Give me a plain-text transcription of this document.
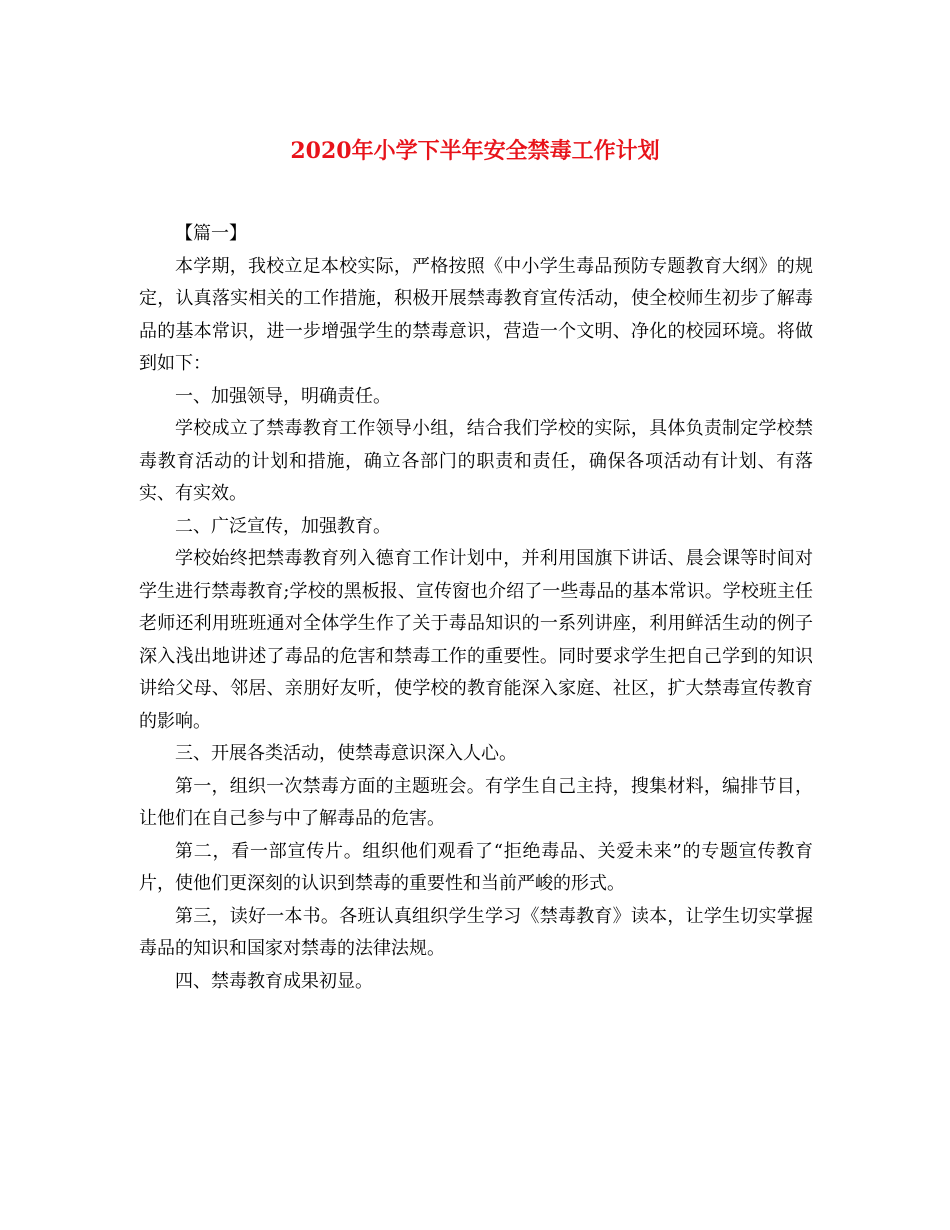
2020年小学下半年安全禁毒工作计划

【篇一】

本学期，我校立足本校实际，严格按照《中小学生毒品预防专题教育大纲》的规定，认真落实相关的工作措施，积极开展禁毒教育宣传活动，使全校师生初步了解毒品的基本常识，进一步增强学生的禁毒意识，营造一个文明、净化的校园环境。将做到如下：

一、加强领导，明确责任。

学校成立了禁毒教育工作领导小组，结合我们学校的实际，具体负责制定学校禁毒教育活动的计划和措施，确立各部门的职责和责任，确保各项活动有计划、有落实、有实效。

二、广泛宣传，加强教育。

学校始终把禁毒教育列入德育工作计划中，并利用国旗下讲话、晨会课等时间对学生进行禁毒教育;学校的黑板报、宣传窗也介绍了一些毒品的基本常识。学校班主任老师还利用班班通对全体学生作了关于毒品知识的一系列讲座，利用鲜活生动的例子深入浅出地讲述了毒品的危害和禁毒工作的重要性。同时要求学生把自己学到的知识讲给父母、邻居、亲朋好友听，使学校的教育能深入家庭、社区，扩大禁毒宣传教育的影响。

三、开展各类活动，使禁毒意识深入人心。

第一，组织一次禁毒方面的主题班会。有学生自己主持，搜集材料，编排节目，让他们在自己参与中了解毒品的危害。

第二，看一部宣传片。组织他们观看了“拒绝毒品、关爱未来”的专题宣传教育片，使他们更深刻的认识到禁毒的重要性和当前严峻的形式。

第三，读好一本书。各班认真组织学生学习《禁毒教育》读本，让学生切实掌握毒品的知识和国家对禁毒的法律法规。

四、禁毒教育成果初显。
